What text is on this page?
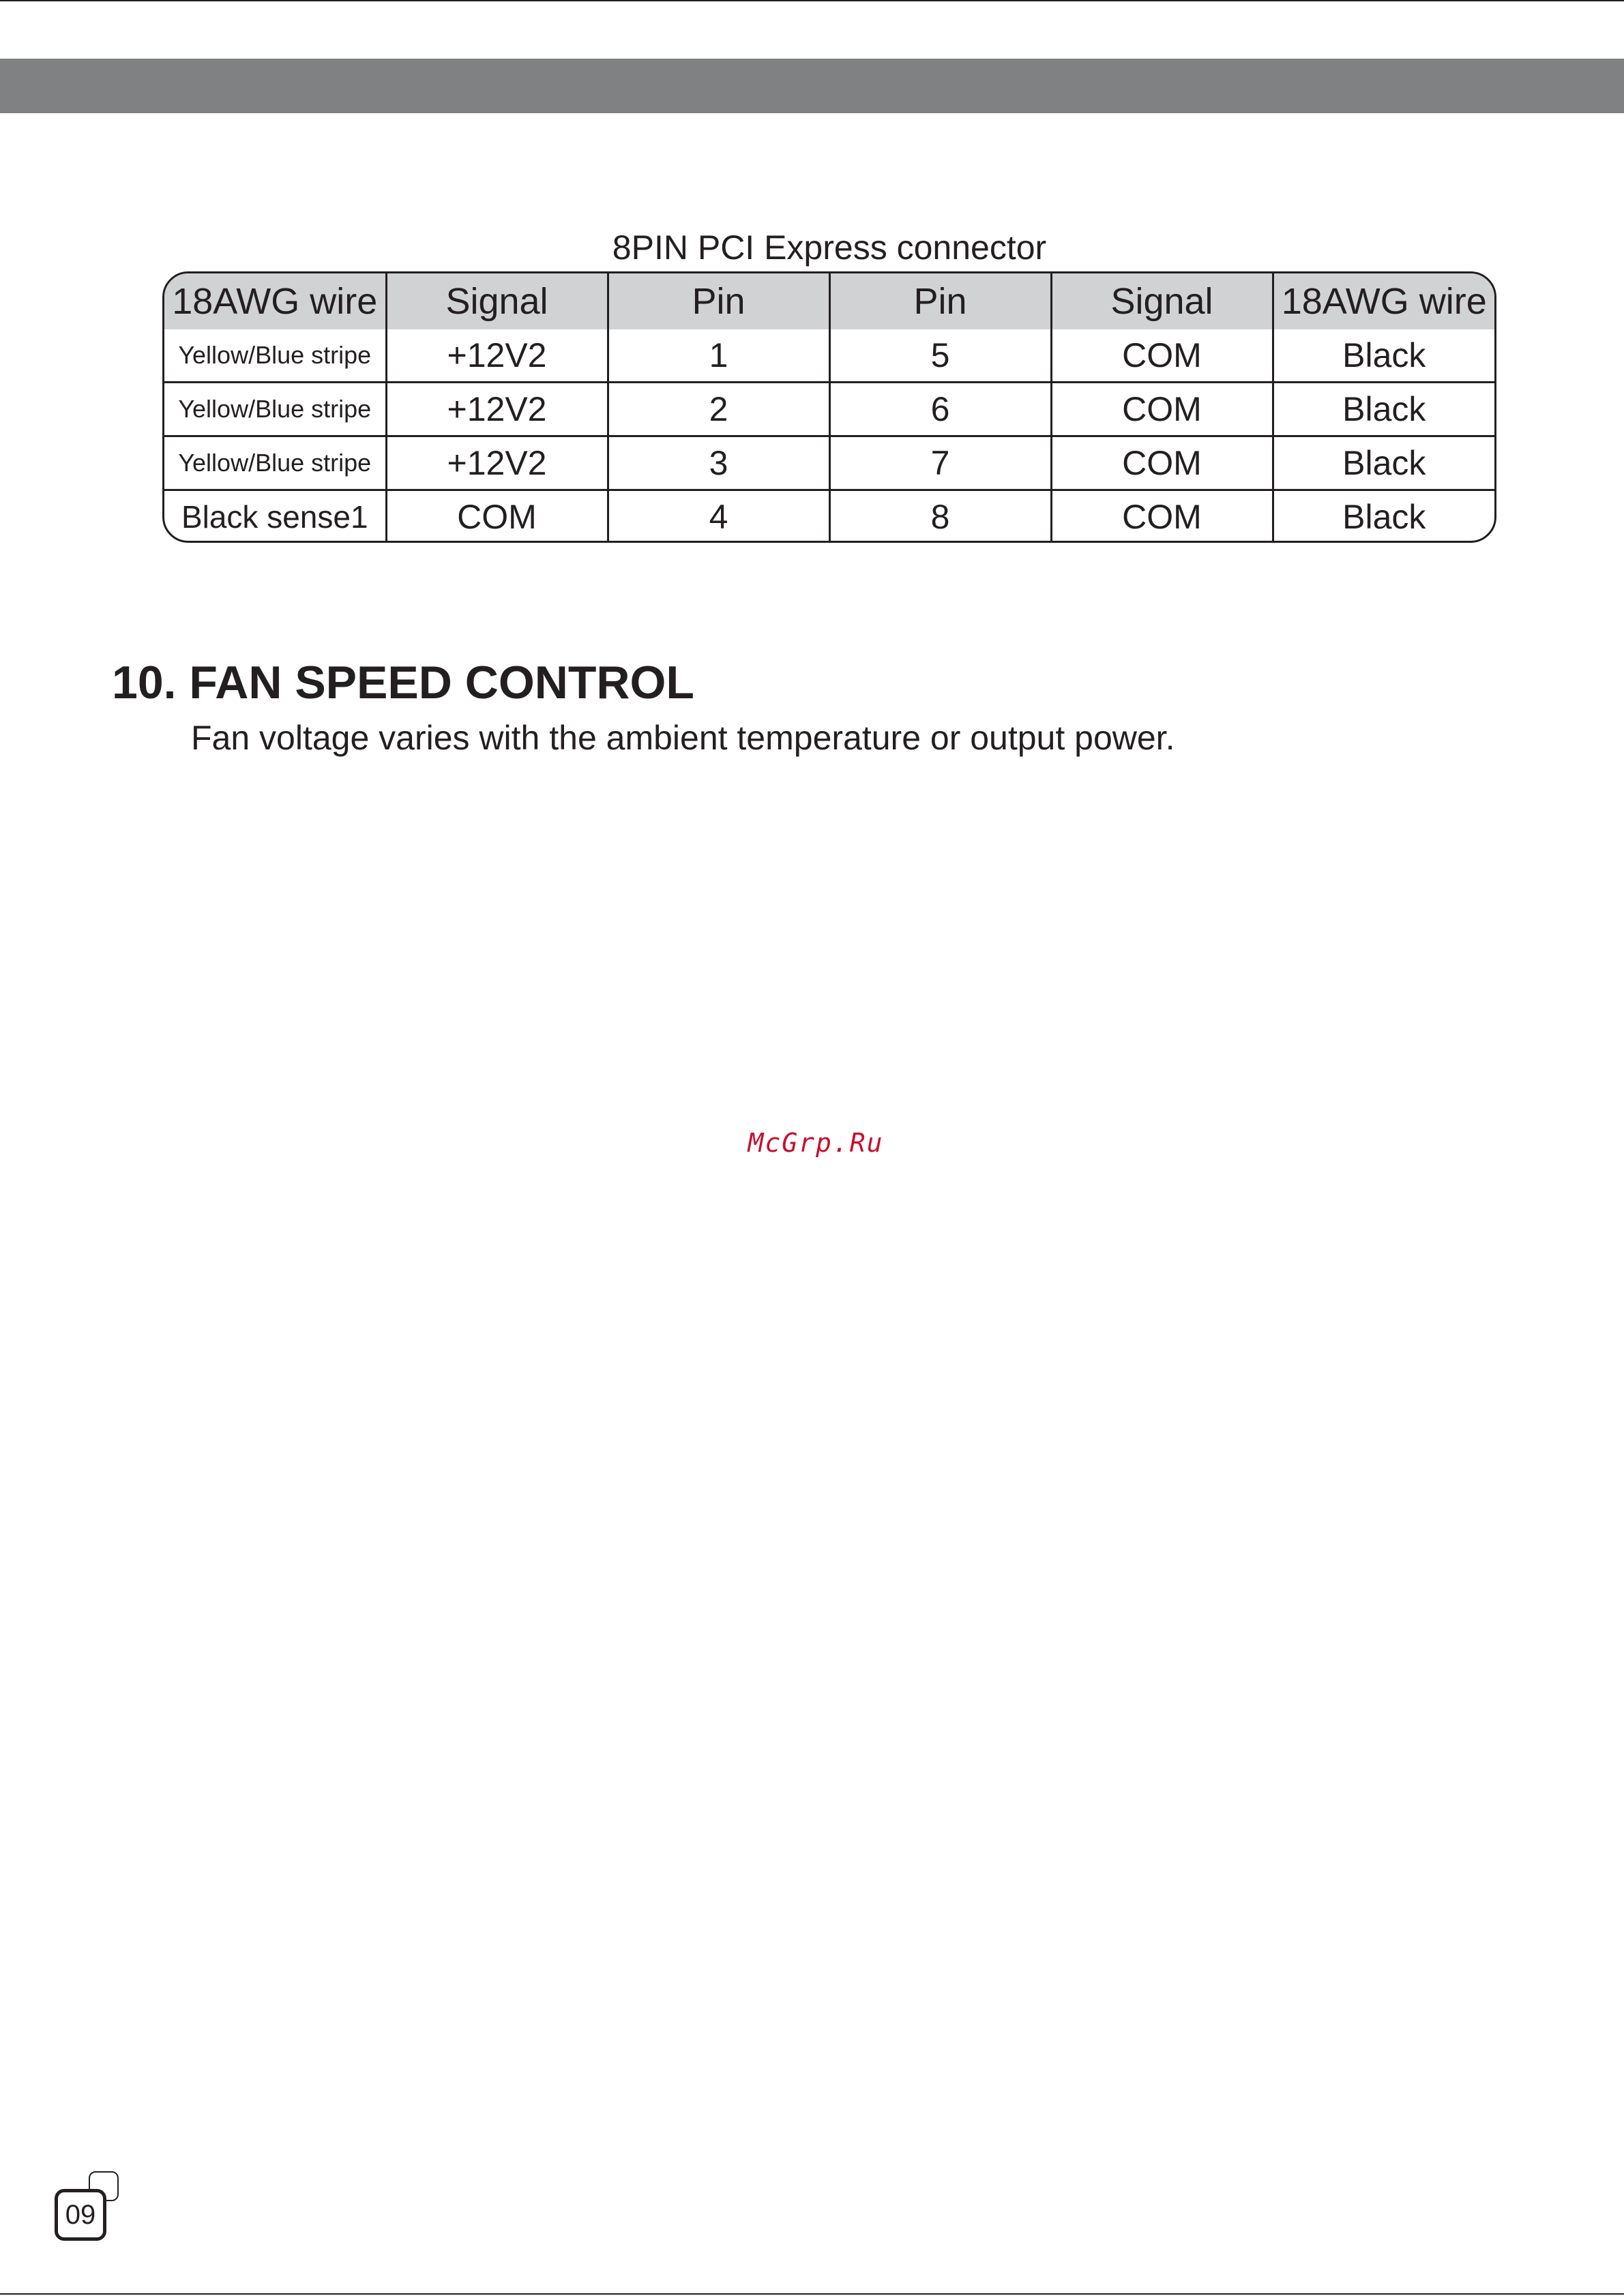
8PIN PCI Express connector
18AWG wire	Signal	Pin	Pin	Signal	18AWG wire
Yellow/Blue stripe	+12V2	1	5	COM	Black
Yellow/Blue stripe	+12V2	2	6	COM	Black
Yellow/Blue stripe	+12V2	3	7	COM	Black
Black sense1	COM	4	8	COM	Black
10. FAN SPEED CONTROL
Fan voltage varies with the ambient temperature or output power.
McGrp.Ru
09
